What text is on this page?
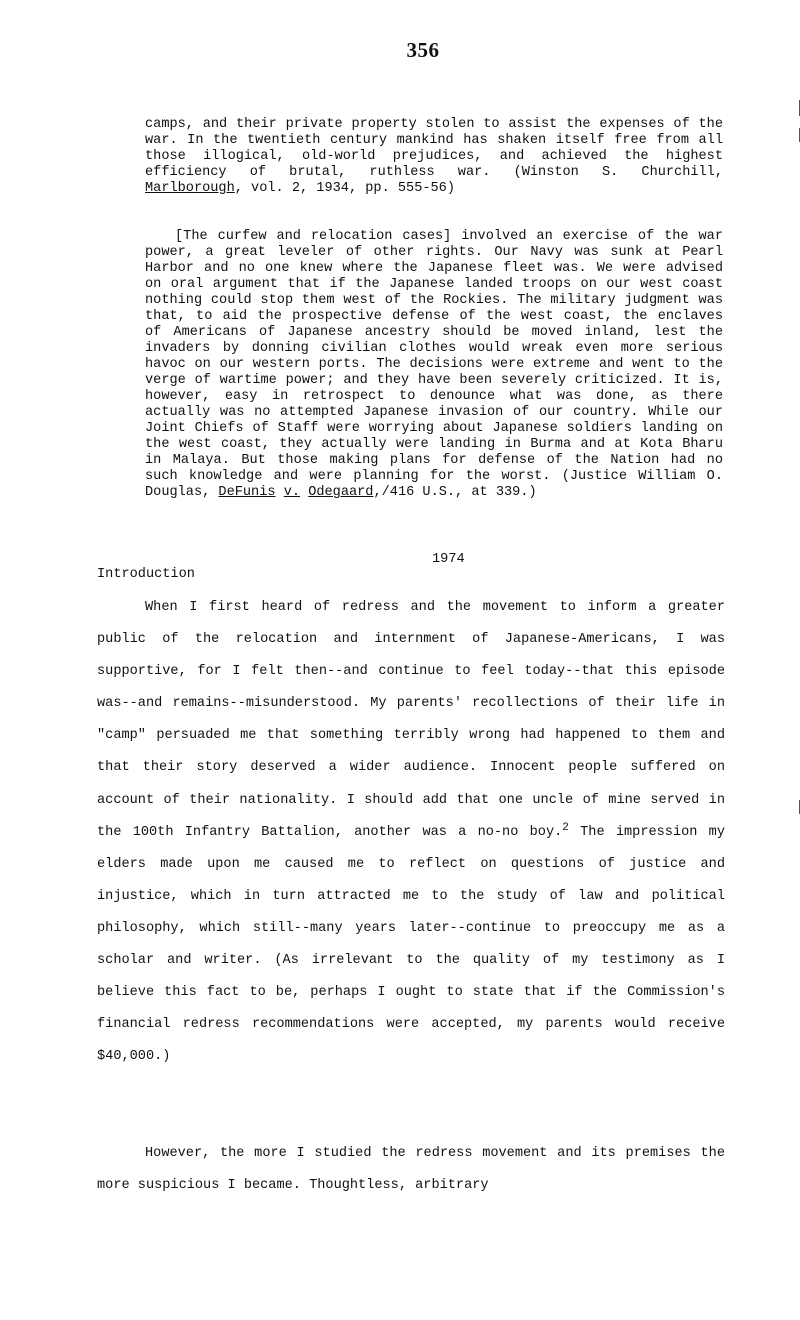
356

camps, and their private property stolen to assist the expenses of the war. In the twentieth century mankind has shaken itself free from all those illogical, old-world prejudices, and achieved the highest efficiency of brutal, ruthless war. (Winston S. Churchill, Marlborough, vol. 2, 1934, pp. 555-56)

[The curfew and relocation cases] involved an exercise of the war power, a great leveler of other rights. Our Navy was sunk at Pearl Harbor and no one knew where the Japanese fleet was. We were advised on oral argument that if the Japanese landed troops on our west coast nothing could stop them west of the Rockies. The military judgment was that, to aid the prospective defense of the west coast, the enclaves of Americans of Japanese ancestry should be moved inland, lest the invaders by donning civilian clothes would wreak even more serious havoc on our western ports. The decisions were extreme and went to the verge of wartime power; and they have been severely criticized. It is, however, easy in retrospect to denounce what was done, as there actually was no attempted Japanese invasion of our country. While our Joint Chiefs of Staff were worrying about Japanese soldiers landing on the west coast, they actually were landing in Burma and at Kota Bharu in Malaya. But those making plans for defense of the Nation had no such knowledge and were planning for the worst. (Justice William O. Douglas, DeFunis v. Odegaard,/416 U.S., at 339.)

1974
Introduction

When I first heard of redress and the movement to inform a greater public of the relocation and internment of Japanese-Americans, I was supportive, for I felt then--and continue to feel today--that this episode was--and remains--misunderstood. My parents' recollections of their life in "camp" persuaded me that something terribly wrong had happened to them and that their story deserved a wider audience. Innocent people suffered on account of their nationality. I should add that one uncle of mine served in the 100th Infantry Battalion, another was a no-no boy.$^2$ The impression my elders made upon me caused me to reflect on questions of justice and injustice, which in turn attracted me to the study of law and political philosophy, which still--many years later--continue to preoccupy me as a scholar and writer. (As irrelevant to the quality of my testimony as I believe this fact to be, perhaps I ought to state that if the Commission's financial redress recommendations were accepted, my parents would receive $40,000.)

However, the more I studied the redress movement and its premises the more suspicious I became. Thoughtless, arbitrary
